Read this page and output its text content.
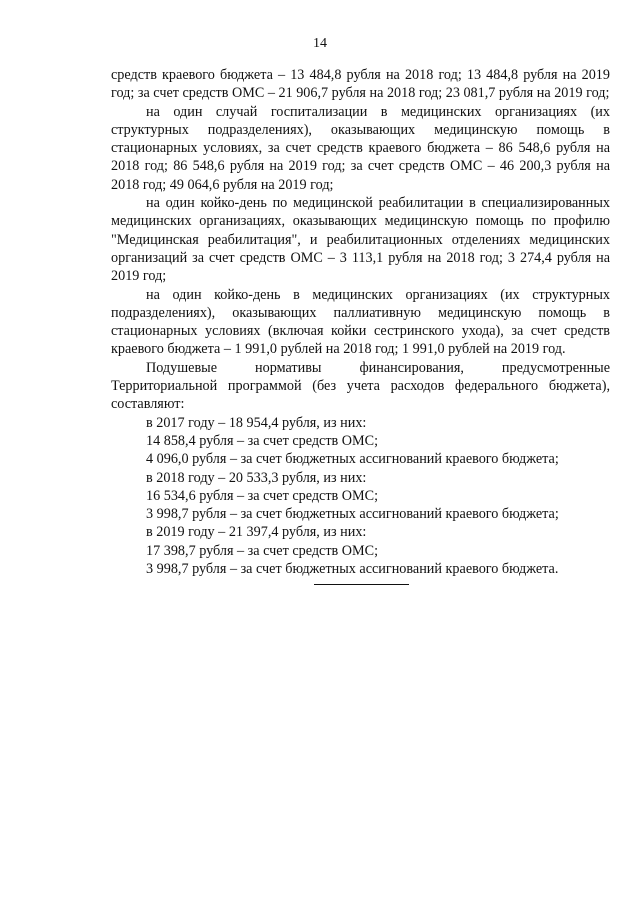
14

средств краевого бюджета – 13 484,8 рубля на 2018 год; 13 484,8 рубля на 2019 год; за счет средств ОМС – 21 906,7 рубля на 2018 год; 23 081,7 рубля на 2019 год;

на один случай госпитализации в медицинских организациях (их структурных подразделениях), оказывающих медицинскую помощь в стационарных условиях, за счет средств краевого бюджета – 86 548,6 рубля на 2018 год; 86 548,6 рубля на 2019 год; за счет средств ОМС – 46 200,3 рубля на 2018 год; 49 064,6 рубля на 2019 год;

на один койко-день по медицинской реабилитации в специализированных медицинских организациях, оказывающих медицинскую помощь по профилю "Медицинская реабилитация", и реабилитационных отделениях медицинских организаций за счет средств ОМС – 3 113,1 рубля на 2018 год; 3 274,4 рубля на 2019 год;

на один койко-день в медицинских организациях (их структурных подразделениях), оказывающих паллиативную медицинскую помощь в стационарных условиях (включая койки сестринского ухода), за счет средств краевого бюджета – 1 991,0 рублей на 2018 год; 1 991,0 рублей на 2019 год.

Подушевые нормативы финансирования, предусмотренные Территориальной программой (без учета расходов федерального бюджета), составляют:

в 2017 году – 18 954,4 рубля, из них:

14 858,4 рубля – за счет средств ОМС;

4 096,0 рубля – за счет бюджетных ассигнований краевого бюджета;

в 2018 году – 20 533,3 рубля, из них:

16 534,6 рубля – за счет средств ОМС;

3 998,7 рубля – за счет бюджетных ассигнований краевого бюджета;

в 2019 году – 21 397,4 рубля, из них:

17 398,7 рубля – за счет средств ОМС;

3 998,7 рубля – за счет бюджетных ассигнований краевого бюджета.
